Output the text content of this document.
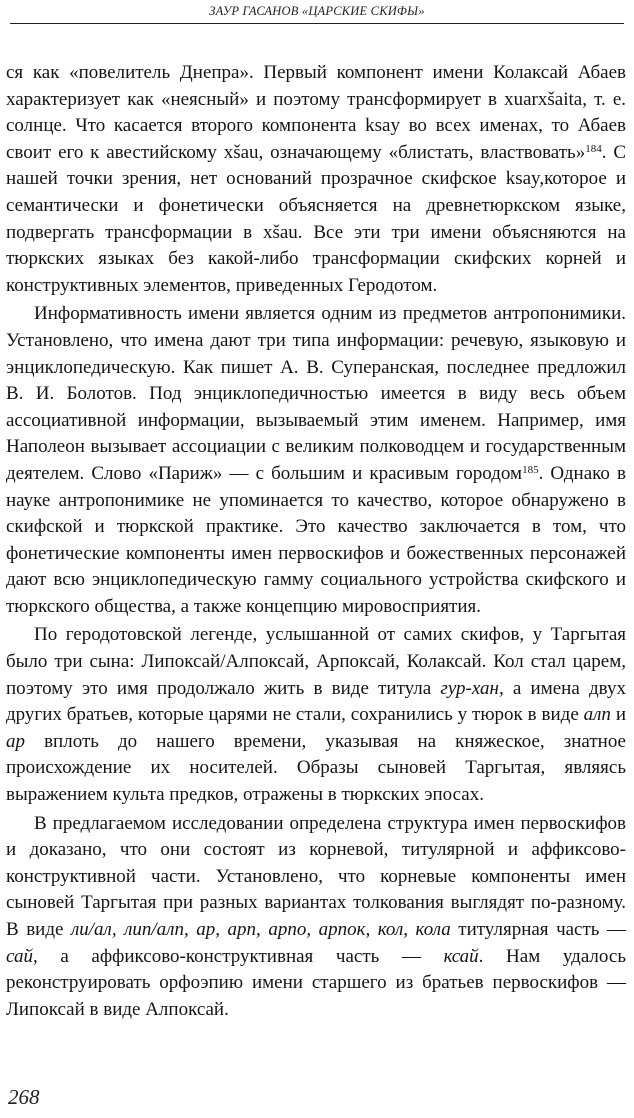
ЗАУР ГАСАНОВ «ЦАРСКИЕ СКИФЫ»

ся как «повелитель Днепра». Первый компонент имени Колаксай Абаев характеризует как «неясный» и поэтому трансформирует в xuarxšaita, т. е. солнце. Что касается второго компонента ksay во всех именах, то Абаев своит его к авестийскому xšau, означающему «блистать, властвовать»$^{184}$. С нашей точки зрения, нет оснований прозрачное скифское ksay,которое и семантически и фонетически объясняется на древнетюркском языке, подвергать трансформации в xšau. Все эти три имени объясняются на тюркских языках без какой-либо трансформации скифских корней и конструктивных элементов, приведенных Геродотом.

Информативность имени является одним из предметов антропонимики. Установлено, что имена дают три типа информации: речевую, языковую и энциклопедическую. Как пишет А. В. Суперанская, последнее предложил В. И. Болотов. Под энциклопедичностью имеется в виду весь объем ассоциативной информации, вызываемый этим именем. Например, имя Наполеон вызывает ассоциации с великим полководцем и государственным деятелем. Слово «Париж» — с большим и красивым городом$^{185}$. Однако в науке антропонимике не упоминается то качество, которое обнаружено в скифской и тюркской практике. Это качество заключается в том, что фонетические компоненты имен первоскифов и божественных персонажей дают всю энциклопедическую гамму социального устройства скифского и тюркского общества, а также концепцию мировосприятия.

По геродотовской легенде, услышанной от самих скифов, у Таргытая было три сына: Липоксай/Алпоксай, Арпоксай, Колаксай. Кол стал царем, поэтому это имя продолжало жить в виде титула гур-хан, а имена двух других братьев, которые царями не стали, сохранились у тюрок в виде алп и ар вплоть до нашего времени, указывая на княжеское, знатное происхождение их носителей. Образы сыновей Таргытая, являясь выражением культа предков, отражены в тюркских эпосах.

В предлагаемом исследовании определена структура имен первоскифов и доказано, что они состоят из корневой, титулярной и аффиксово-конструктивной части. Установлено, что корневые компоненты имен сыновей Таргытая при разных вариантах толкования выглядят по-разному. В виде ли/ал, лип/алп, ар, арп, арпо, арпок, кол, кола титулярная часть — сай, а аффиксово-конструктивная часть — ксай. Нам удалось реконструировать орфоэпию имени старшего из братьев первоскифов — Липоксай в виде Алпоксай.

268
